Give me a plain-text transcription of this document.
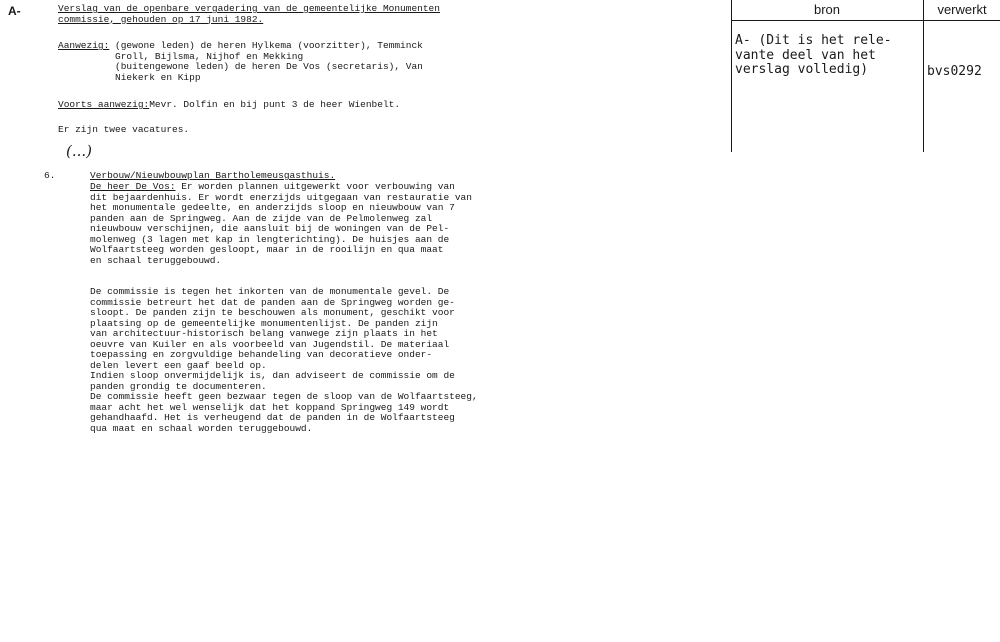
A-	Verslag van de openbare vergadering van de gemeentelijke Monumenten
commissie, gehouden op 17 juni 1982.
Aanwezig: (gewone leden) de heren Hylkema (voorzitter), Temminck
Groll, Bijlsma, Nijhof en Mekking
(buitengewone leden) de heren De Vos (secretaris), Van
Niekerk en Kipp
Voorts aanwezig:Mevr. Dolfin en bij punt 3 de heer Wienbelt.
Er zijn twee vacatures.
(...)
6.	Verbouw/Nieuwbouwplan Bartholemeusgasthuis.
De heer De Vos: Er worden plannen uitgewerkt voor verbouwing van
dit bejaardenhuis. Er wordt enerzijds uitgegaan van restauratie van
het monumentale gedeelte, en anderzijds sloop en nieuwbouw van 7
panden aan de Springweg. Aan de zijde van de Pelmolenweg zal
nieuwbouw verschijnen, die aansluit bij de woningen van de Pel-
molenweg (3 lagen met kap in lengterichting). De huisjes aan de
Wolfaartsteeg worden gesloopt, maar in de rooilijn en qua maat
en schaal teruggebouwd.
De commissie is tegen het inkorten van de monumentale gevel. De
commissie betreurt het dat de panden aan de Springweg worden ge-
sloopt. De panden zijn te beschouwen als monument, geschikt voor
plaatsing op de gemeentelijke monumentenlijst. De panden zijn
van architectuur-historisch belang vanwege zijn plaats in het
oeuvre van Kuiler en als voorbeeld van Jugendstil. De materiaal
toepassing en zorgvuldige behandeling van decoratieve onder-
delen levert een gaaf beeld op.
Indien sloop onvermijdelijk is, dan adviseert de commissie om de
panden grondig te documenteren.
De commissie heeft geen bezwaar tegen de sloop van de Wolfaartsteeg,
maar acht het wel wenselijk dat het koppand Springweg 149 wordt
gehandhaafd. Het is verheugend dat de panden in de Wolfaartsteeg
qua maat en schaal worden teruggebouwd.
bron	verwerkt
A- (Dit is het rele-
vante deel van het
verslag volledig)	bvs0292
